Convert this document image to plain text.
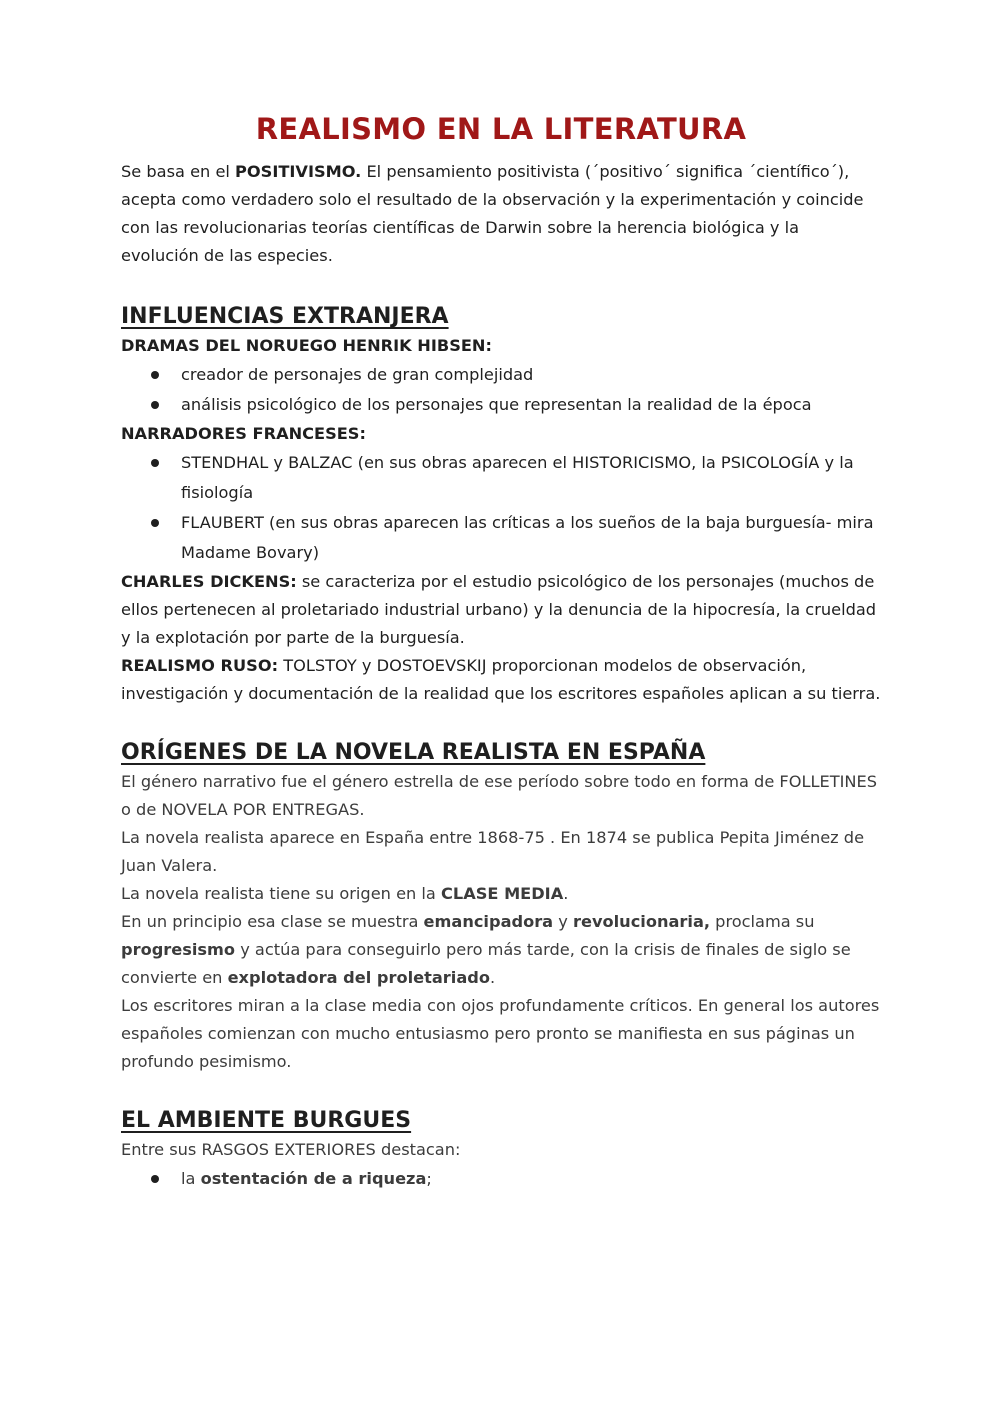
REALISMO EN LA LITERATURA

Se basa en el POSITIVISMO. El pensamiento positivista (´positivo´ significa ´científico´), acepta como verdadero solo el resultado de la observación y la experimentación y coincide con las revolucionarias teorías científicas de Darwin sobre la herencia biológica y la evolución de las especies.

INFLUENCIAS EXTRANJERA

DRAMAS DEL NORUEGO HENRIK HIBSEN:

creador de personajes de gran complejidad
análisis psicológico de los personajes que representan la realidad de la época

NARRADORES FRANCESES:

STENDHAL y BALZAC (en sus obras aparecen el HISTORICISMO, la PSICOLOGÍA y la fisiología
FLAUBERT (en sus obras aparecen las críticas a los sueños de la baja burguesía- mira Madame Bovary)

CHARLES DICKENS: se caracteriza por el estudio psicológico de los personajes (muchos de ellos pertenecen al proletariado industrial urbano) y la denuncia de la hipocresía, la crueldad y la explotación por parte de la burguesía.

REALISMO RUSO: TOLSTOY y DOSTOEVSKIJ proporcionan modelos de observación, investigación y documentación de la realidad que los escritores españoles aplican a su tierra.

ORÍGENES DE LA NOVELA REALISTA EN ESPAÑA

El género narrativo fue el género estrella de ese período sobre todo en forma de FOLLETINES o de NOVELA POR ENTREGAS.

La novela realista aparece en España entre 1868-75 . En 1874 se publica Pepita Jiménez de Juan Valera.

La novela realista tiene su origen en la CLASE MEDIA.

En un principio esa clase se muestra emancipadora y revolucionaria, proclama su progresismo y actúa para conseguirlo pero más tarde, con la crisis de finales de siglo se convierte en explotadora del proletariado.

Los escritores miran a la clase media con ojos profundamente críticos. En general los autores españoles comienzan con mucho entusiasmo pero pronto se manifiesta en sus páginas un profundo pesimismo.

EL AMBIENTE BURGUES

Entre sus RASGOS EXTERIORES destacan:

la ostentación de a riqueza;
